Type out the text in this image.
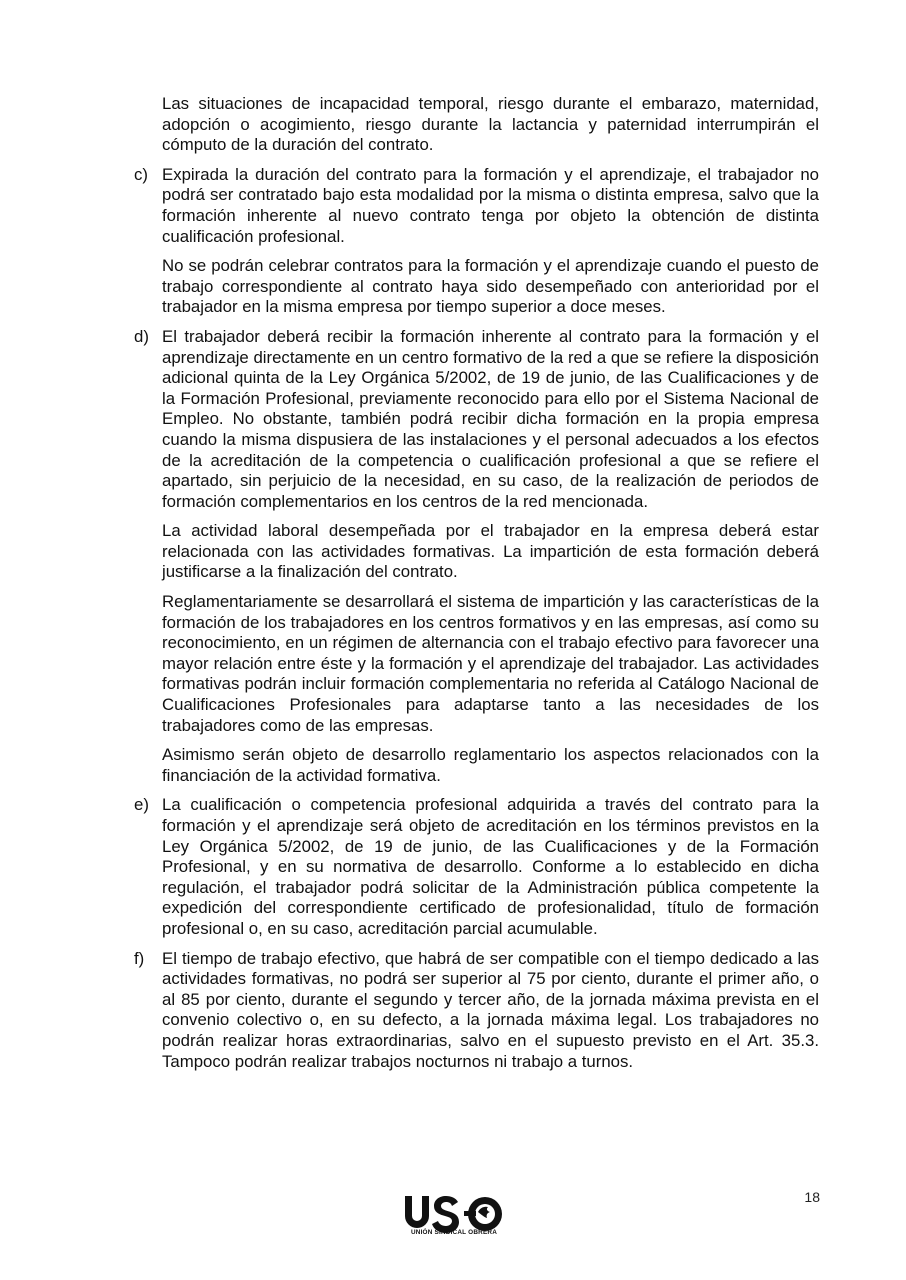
Las situaciones de incapacidad temporal, riesgo durante el embarazo, maternidad, adopción o acogimiento, riesgo durante la lactancia y paternidad interrumpirán el cómputo de la duración del contrato.

c) Expirada la duración del contrato para la formación y el aprendizaje, el trabajador no podrá ser contratado bajo esta modalidad por la misma o distinta empresa, salvo que la formación inherente al nuevo contrato tenga por objeto la obtención de distinta cualificación profesional.

No se podrán celebrar contratos para la formación y el aprendizaje cuando el puesto de trabajo correspondiente al contrato haya sido desempeñado con anterioridad por el trabajador en la misma empresa por tiempo superior a doce meses.

d) El trabajador deberá recibir la formación inherente al contrato para la formación y el aprendizaje directamente en un centro formativo de la red a que se refiere la disposición adicional quinta de la Ley Orgánica 5/2002, de 19 de junio, de las Cualificaciones y de la Formación Profesional, previamente reconocido para ello por el Sistema Nacional de Empleo. No obstante, también podrá recibir dicha formación en la propia empresa cuando la misma dispusiera de las instalaciones y el personal adecuados a los efectos de la acreditación de la competencia o cualificación profesional a que se refiere el apartado, sin perjuicio de la necesidad, en su caso, de la realización de periodos de formación complementarios en los centros de la red mencionada.

La actividad laboral desempeñada por el trabajador en la empresa deberá estar relacionada con las actividades formativas. La impartición de esta formación deberá justificarse a la finalización del contrato.

Reglamentariamente se desarrollará el sistema de impartición y las características de la formación de los trabajadores en los centros formativos y en las empresas, así como su reconocimiento, en un régimen de alternancia con el trabajo efectivo para favorecer una mayor relación entre éste y la formación y el aprendizaje del trabajador. Las actividades formativas podrán incluir formación complementaria no referida al Catálogo Nacional de Cualificaciones Profesionales para adaptarse tanto a las necesidades de los trabajadores como de las empresas.

Asimismo serán objeto de desarrollo reglamentario los aspectos relacionados con la financiación de la actividad formativa.

e) La cualificación o competencia profesional adquirida a través del contrato para la formación y el aprendizaje será objeto de acreditación en los términos previstos en la Ley Orgánica 5/2002, de 19 de junio, de las Cualificaciones y de la Formación Profesional, y en su normativa de desarrollo. Conforme a lo establecido en dicha regulación, el trabajador podrá solicitar de la Administración pública competente la expedición del correspondiente certificado de profesionalidad, título de formación profesional o, en su caso, acreditación parcial acumulable.

f) El tiempo de trabajo efectivo, que habrá de ser compatible con el tiempo dedicado a las actividades formativas, no podrá ser superior al 75 por ciento, durante el primer año, o al 85 por ciento, durante el segundo y tercer año, de la jornada máxima prevista en el convenio colectivo o, en su defecto, a la jornada máxima legal. Los trabajadores no podrán realizar horas extraordinarias, salvo en el supuesto previsto en el Art. 35.3. Tampoco podrán realizar trabajos nocturnos ni trabajo a turnos.

UNIÓN SINDICAL OBRERA
18
